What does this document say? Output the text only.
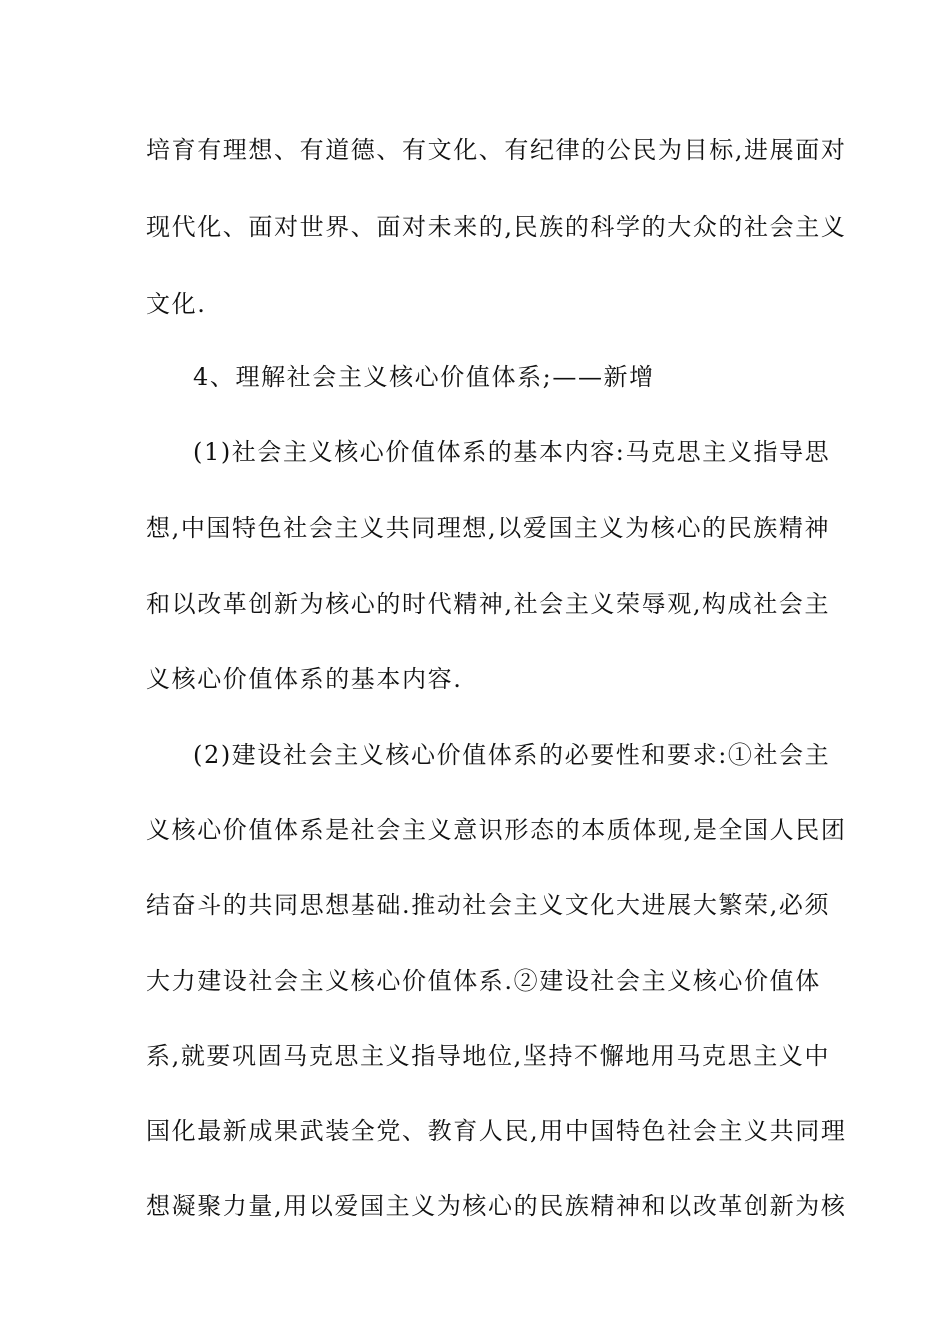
培育有理想、有道德、有文化、有纪律的公民为目标,进展面对
现代化、面对世界、面对未来的,民族的科学的大众的社会主义
文化.
4、理解社会主义核心价值体系;——新增
(1)社会主义核心价值体系的基本内容:马克思主义指导思
想,中国特色社会主义共同理想,以爱国主义为核心的民族精神
和以改革创新为核心的时代精神,社会主义荣辱观,构成社会主
义核心价值体系的基本内容.
(2)建设社会主义核心价值体系的必要性和要求:①社会主
义核心价值体系是社会主义意识形态的本质体现,是全国人民团
结奋斗的共同思想基础.推动社会主义文化大进展大繁荣,必须
大力建设社会主义核心价值体系.②建设社会主义核心价值体
系,就要巩固马克思主义指导地位,坚持不懈地用马克思主义中
国化最新成果武装全党、教育人民,用中国特色社会主义共同理
想凝聚力量,用以爱国主义为核心的民族精神和以改革创新为核
